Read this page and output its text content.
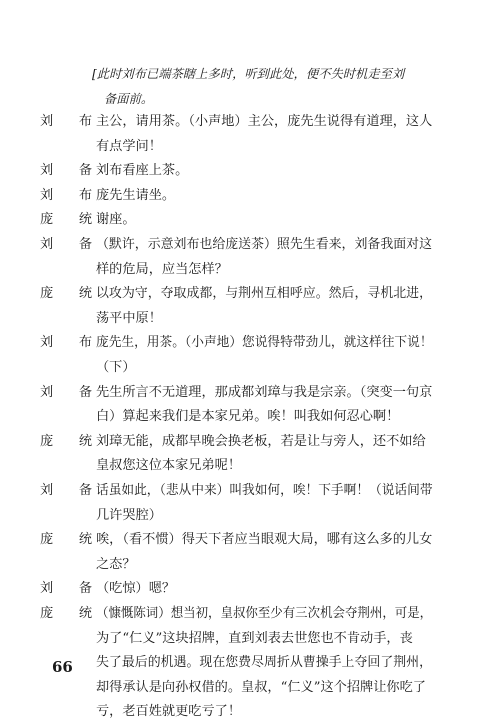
[此时刘布已端茶瞎上多时，听到此处，便不失时机走至刘
备面前。
刘 布 主公，请用茶。（小声地）主公，庞先生说得有道理，这人
有点学问！
刘 备 刘布看座上茶。
刘 布 庞先生请坐。
庞 统 谢座。
刘 备 （默许，示意刘布也给庞送茶）照先生看来，刘备我面对这
样的危局，应当怎样？
庞 统 以攻为守，夺取成都，与荆州互相呼应。然后，寻机北进，
荡平中原！
刘 布 庞先生，用茶。（小声地）您说得特带劲儿，就这样往下说！
（下）
刘 备 先生所言不无道理，那成都刘璋与我是宗亲。（突变一句京
白）算起来我们是本家兄弟。唉！叫我如何忍心啊！
庞 统 刘璋无能，成都早晚会换老板，若是让与旁人，还不如给
皇叔您这位本家兄弟呢！
刘 备 话虽如此，（悲从中来）叫我如何，唉！下手啊！（说话间带
几许哭腔）
庞 统 唉，（看不惯）得天下者应当眼观大局，哪有这么多的儿女
之态？
刘 备 （吃惊）嗯？
庞 统 （慷慨陈词）想当初，皇叔你至少有三次机会夺荆州，可是，
为了“仁义”这块招牌，直到刘表去世您也不肯动手，丧
失了最后的机遇。现在您费尽周折从曹操手上夺回了荆州，
却得承认是向孙权借的。皇叔，“仁义”这个招牌让你吃了
亏，老百姓就更吃亏了！
66
